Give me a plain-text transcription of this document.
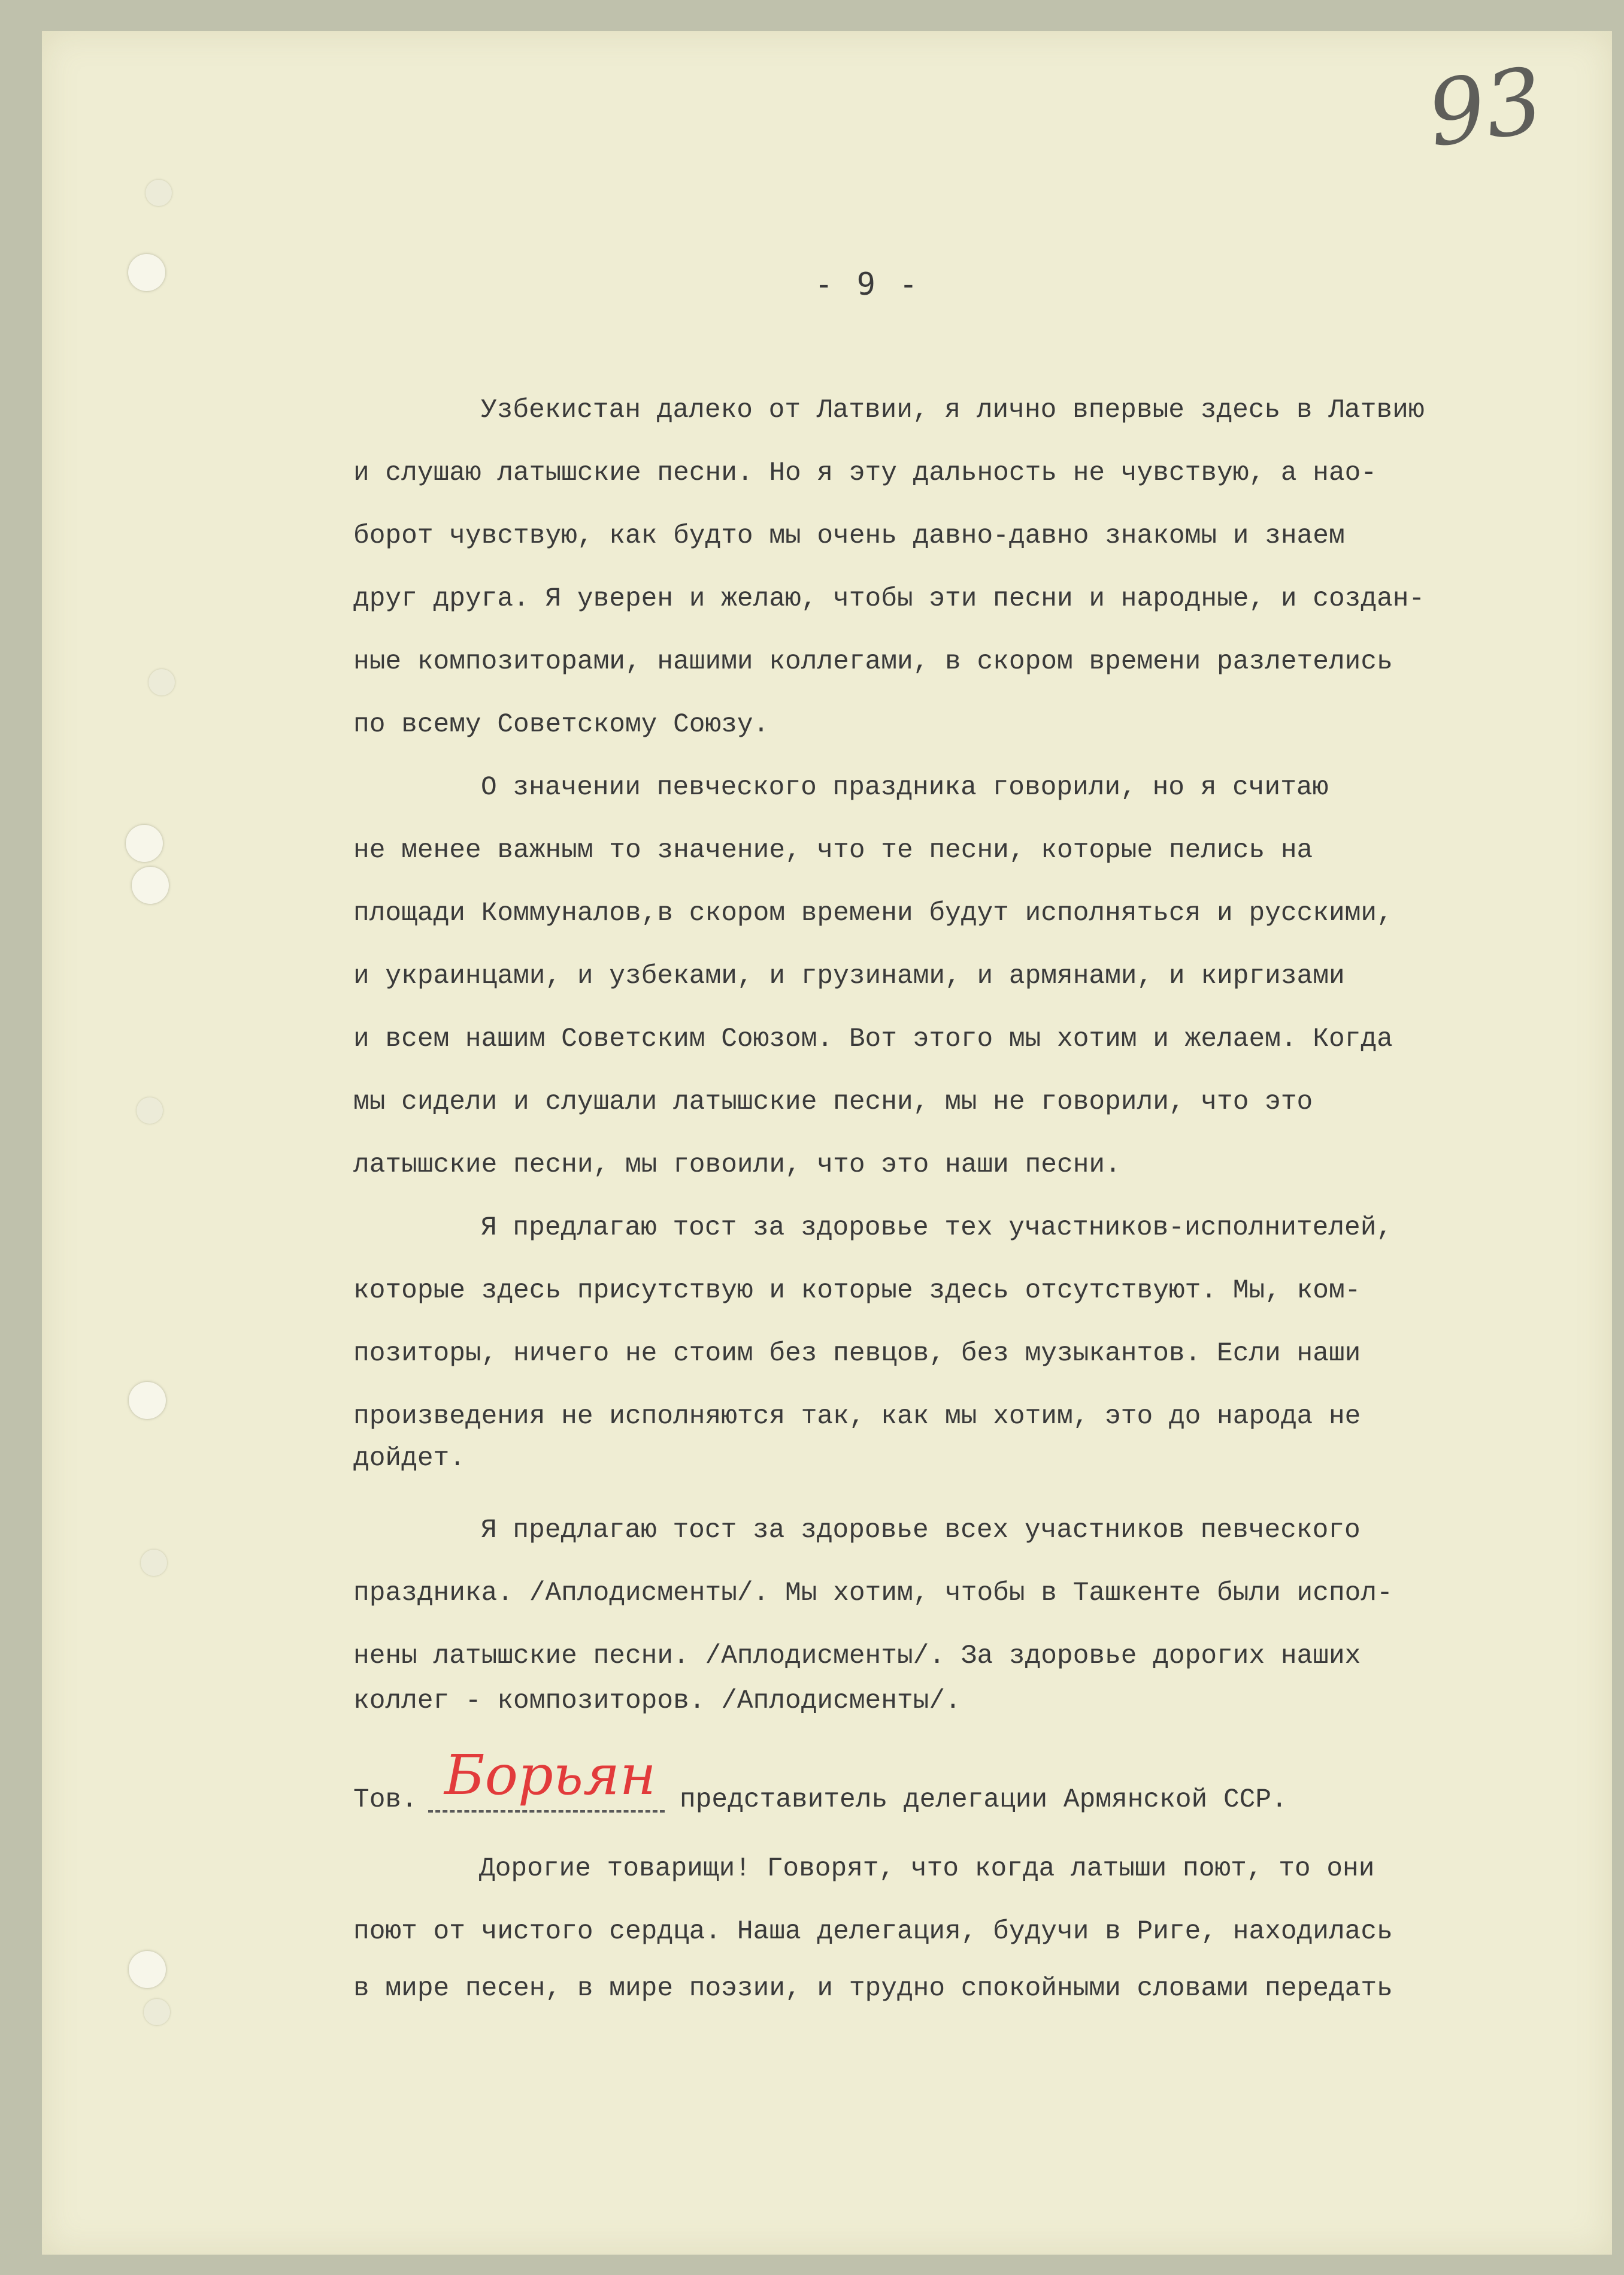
93
- 9 -
Узбекистан далеко от Латвии, я лично впервые здесь в Латвию
и слушаю латышские песни. Но я эту дальность не чувствую, а нао-
борот чувствую, как будто мы очень давно-давно знакомы и знаем
друг друга. Я уверен и желаю, чтобы эти песни и народные, и создан-
ные композиторами, нашими коллегами, в скором времени разлетелись
по всему Советскому Союзу.
О значении певческого праздника говорили, но я считаю
не менее важным то значение, что те песни, которые пелись на
площади Коммуналов,в скором времени будут исполняться и русскими,
и украинцами, и узбеками, и грузинами, и армянами, и киргизами
и всем нашим Советским Союзом. Вот этого мы хотим и желаем. Когда
мы сидели и слушали латышские песни, мы не говорили, что это
латышские песни, мы говоили, что это наши песни.
Я предлагаю тост за здоровье тех участников-исполнителей,
которые здесь присутствую и которые здесь отсутствуют. Мы, ком-
позиторы, ничего не стоим без певцов, без музыкантов. Если наши
произведения не исполняются так, как мы хотим, это до народа не
дойдет.
Я предлагаю тост за здоровье всех участников певческого
праздника. /Аплодисменты/. Мы хотим, чтобы в Ташкенте были испол-
нены латышские песни. /Аплодисменты/. За здоровье дорогих наших
коллег - композиторов. /Аплодисменты/.
Тов. Борьян представитель делегации Армянской ССР.
Дорогие товарищи! Говорят, что когда латыши поют, то они
поют от чистого сердца. Наша делегация, будучи в Риге, находилась
в мире песен, в мире поэзии, и трудно спокойными словами передать
